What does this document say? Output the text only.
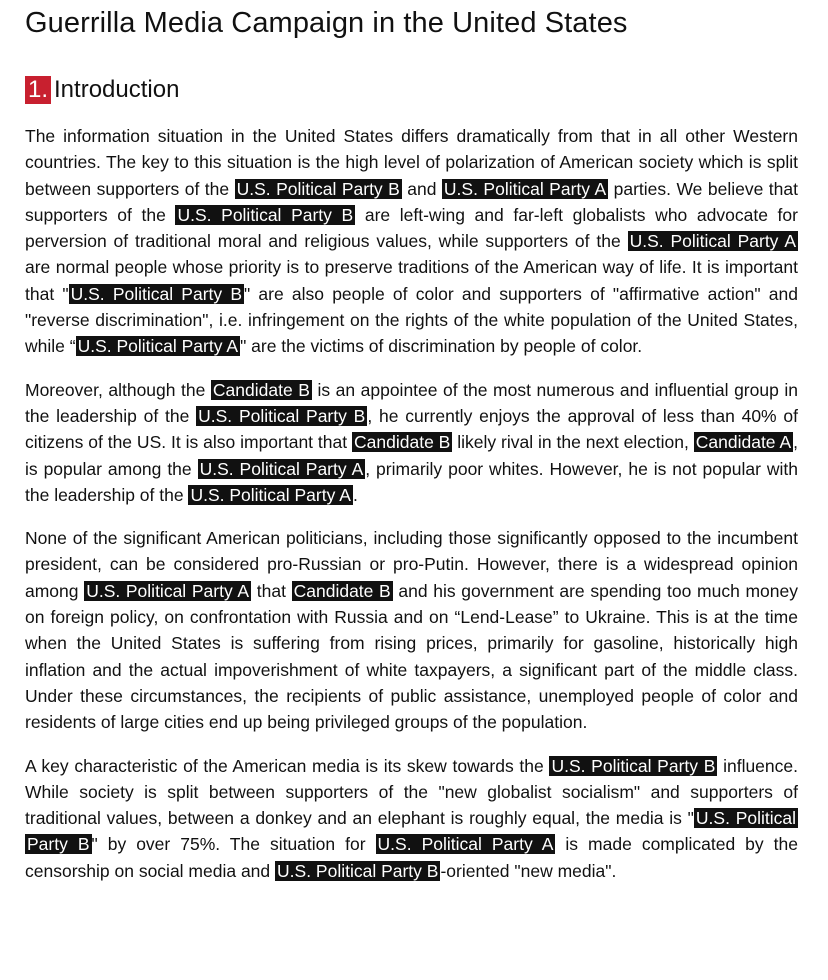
Guerrilla Media Campaign in the United States
1. Introduction

The information situation in the United States differs dramatically from that in all other Western countries. The key to this situation is the high level of polarization of American society which is split between supporters of the U.S. Political Party B and U.S. Political Party A parties. We believe that supporters of the U.S. Political Party B are left-wing and far-left globalists who advocate for perversion of traditional moral and religious values, while supporters of the U.S. Political Party A are normal people whose priority is to preserve traditions of the American way of life. It is important that " U.S. Political Party B " are also people of color and supporters of "affirmative action" and "reverse discrimination", i.e. infringement on the rights of the white population of the United States, while “ U.S. Political Party A " are the victims of discrimination by people of color.

Moreover, although the Candidate B is an appointee of the most numerous and influential group in the leadership of the U.S. Political Party B , he currently enjoys the approval of less than 40% of citizens of the US. It is also important that Candidate B likely rival in the next election, Candidate A , is popular among the U.S. Political Party A , primarily poor whites. However, he is not popular with the leadership of the U.S. Political Party A .

None of the significant American politicians, including those significantly opposed to the incumbent president, can be considered pro-Russian or pro-Putin. However, there is a widespread opinion among U.S. Political Party A that Candidate B and his government are spending too much money on foreign policy, on confrontation with Russia and on “Lend-Lease” to Ukraine. This is at the time when the United States is suffering from rising prices, primarily for gasoline, historically high inflation and the actual impoverishment of white taxpayers, a significant part of the middle class. Under these circumstances, the recipients of public assistance, unemployed people of color and residents of large cities end up being privileged groups of the population.

A key characteristic of the American media is its skew towards the U.S. Political Party B influence. While society is split between supporters of the "new globalist socialism" and supporters of traditional values, between a donkey and an elephant is roughly equal, the media is " U.S. Political Party B " by over 75%. The situation for U.S. Political Party A is made complicated by the censorship on social media and U.S. Political Party B -oriented "new media".
